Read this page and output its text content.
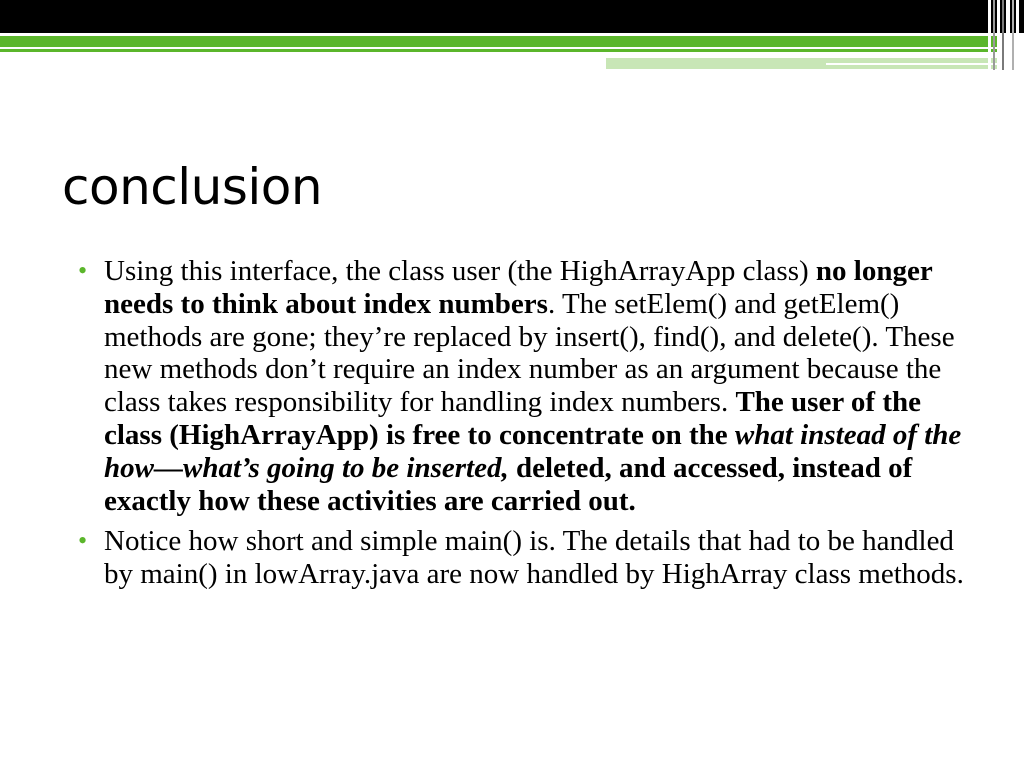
conclusion

• Using this interface, the class user (the HighArrayApp class) no longer needs to think about index numbers. The setElem() and getElem() methods are gone; they’re replaced by insert(), find(), and delete(). These new methods don’t require an index number as an argument because the class takes responsibility for handling index numbers. The user of the class (HighArrayApp) is free to concentrate on the what instead of the how—what’s going to be inserted, deleted, and accessed, instead of exactly how these activities are carried out.

• Notice how short and simple main() is. The details that had to be handled by main() in lowArray.java are now handled by HighArray class methods.
